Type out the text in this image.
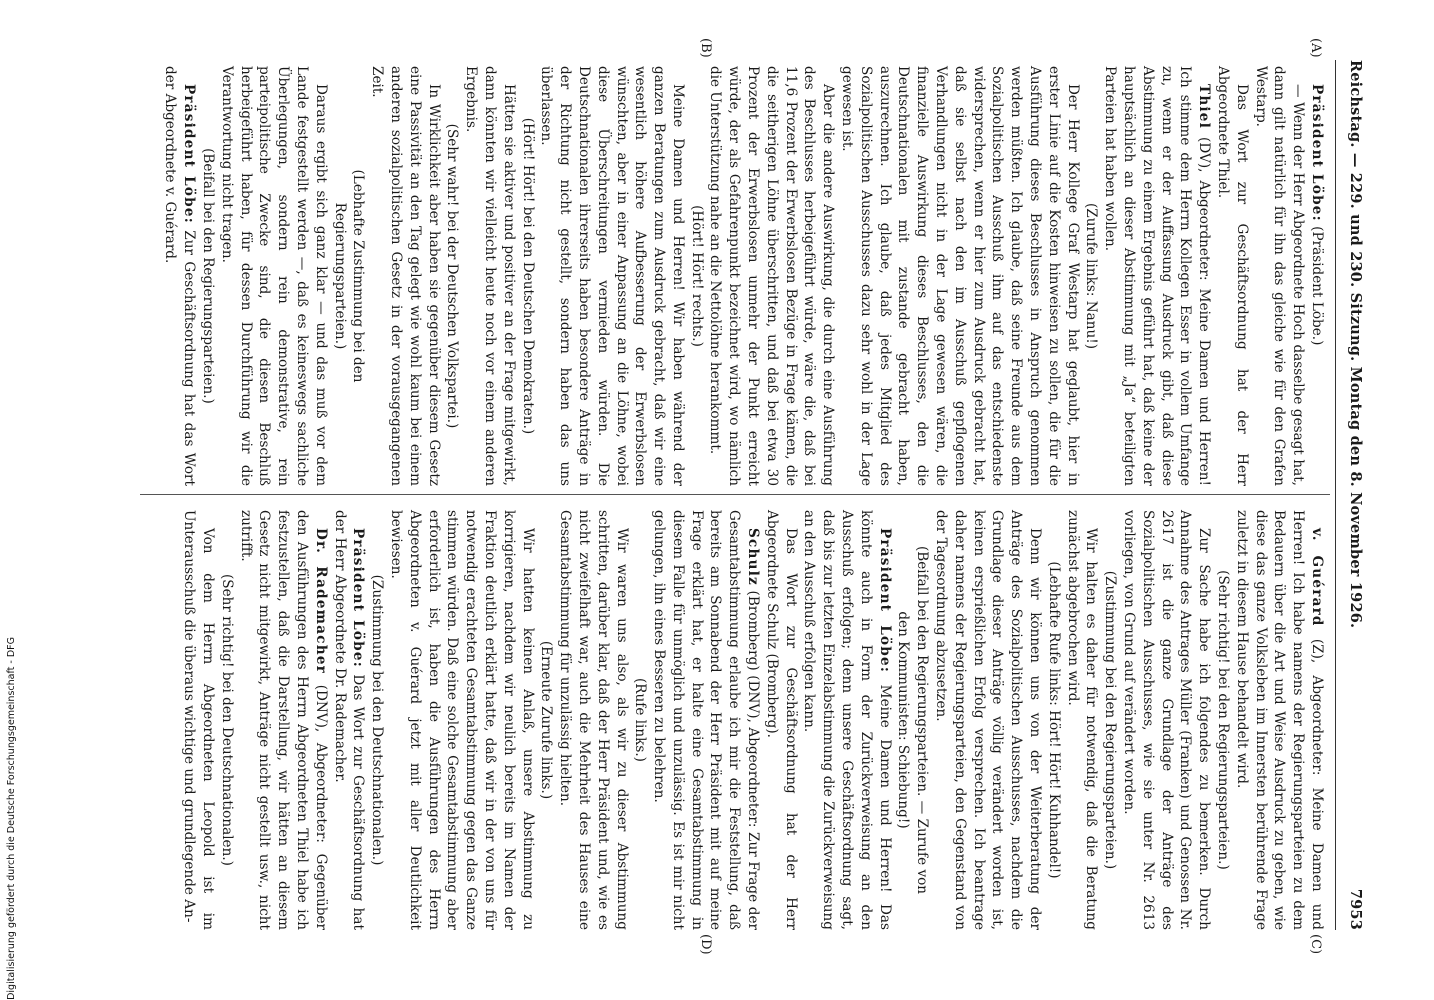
Reichstag. — 229. und 230. Sitzung. Montag den 8. November 1926.
7953
(A)
(B)
(C)
(D)

Präsident Löbe: (Präsident Löbe.)

— Wenn der Herr Abgeordnete Hoch dasselbe gesagt hat, dann gilt natürlich für ihn das gleiche wie für den Grafen Westarp.

Das Wort zur Geschäftsordnung hat der Herr Abgeordnete Thiel.

Thiel (DV), Abgeordneter: Meine Damen und Herren! Ich stimme dem Herrn Kollegen Esser in vollem Umfange zu, wenn er der Auffassung Ausdruck gibt, daß diese Abstimmung zu einem Ergebnis geführt hat, daß keine der hauptsächlich an dieser Abstimmung mit „Ja“ beteiligten Parteien hat haben wollen.

(Zurufe links: Nanu!)

Der Herr Kollege Graf Westarp hat geglaubt, hier in erster Linie auf die Kosten hinweisen zu sollen, die für die Ausführung dieses Beschlusses in Anspruch genommen werden müßten. Ich glaube, daß seine Freunde aus dem Sozialpolitischen Ausschuß ihm auf das entschiedenste widersprechen, wenn er hier zum Ausdruck gebracht hat, daß sie selbst nach den im Ausschuß gepflogenen Verhandlungen nicht in der Lage gewesen wären, die finanzielle Auswirkung dieses Beschlusses, den die Deutschnationalen mit zustande gebracht haben, auszurechnen. Ich glaube, daß jedes Mitglied des Sozialpolitischen Ausschusses dazu sehr wohl in der Lage gewesen ist.

Aber die andere Auswirkung, die durch eine Ausführung des Beschlusses herbeigeführt würde, wäre die, daß bei 11,6 Prozent der Erwerbslosen Bezüge in Frage kämen, die die seitherigen Löhne überschritten, und daß bei etwa 30 Prozent der Erwerbslosen unmehr der Punkt erreicht würde, der als Gefahrenpunkt bezeichnet wird, wo nämlich die Unterstützung nahe an die Nettolöhne herankommt.

(Hört! Hört! rechts.)

Meine Damen und Herren! Wir haben während der ganzen Beratungen zum Ausdruck gebracht, daß wir eine wesentlich höhere Aufbesserung der Erwerbslosen wünschten, aber in einer Anpassung an die Löhne, wobei diese Überschreitungen vermieden würden. Die Deutschnationalen ihrerseits haben besondere Anträge in der Richtung nicht gestellt, sondern haben das uns überlassen.

(Hört! Hört! bei den Deutschen Demokraten.)

Hätten sie aktiver und positiver an der Frage mitgewirkt, dann könnten wir vielleicht heute noch vor einem anderen Ergebnis.

(Sehr wahr! bei der Deutschen Volkspartei.)

In Wirklichkeit aber haben sie gegenüber diesem Gesetz eine Passivität an den Tag gelegt wie wohl kaum bei einem anderen sozialpolitischen Gesetz in der vorausgegangenen Zeit.

(Lebhafte Zustimmung bei den Regierungsparteien.)

Daraus ergibt sich ganz klar — und das muß vor dem Lande festgestellt werden —, daß es keineswegs sachliche Überlegungen, sondern rein demonstrative, rein parteipolitische Zwecke sind, die diesen Beschluß herbeigeführt haben, für dessen Durchführung wir die Verantwortung nicht tragen.

(Beifall bei den Regierungsparteien.)

Präsident Löbe: Zur Geschäftsordnung hat das Wort der Abgeordnete v. Guérard.

v. Guérard (Z), Abgeordneter: Meine Damen und Herren! Ich habe namens der Regierungsparteien zu dem Bedauern über die Art und Weise Ausdruck zu geben, wie diese das ganze Volksleben im Innersten berührende Frage zuletzt in diesem Hause behandelt wird.

(Sehr richtig! bei den Regierungsparteien.)

Zur Sache habe ich folgendes zu bemerken. Durch Annahme des Antrages Müller (Franken) und Genossen Nr. 2617 ist die ganze Grundlage der Anträge des Sozialpolitischen Ausschusses, wie sie unter Nr. 2613 vorliegen, von Grund auf verändert worden.

(Zustimmung bei den Regierungsparteien.)

Wir halten es daher für notwendig, daß die Beratung zunächst abgebrochen wird.

(Lebhafte Rufe links: Hört! Hört! Kuhhandel!)

Denn wir können uns von der Weiterberatung der Anträge des Sozialpolitischen Ausschusses, nachdem die Grundlage dieser Anträge völlig verändert worden ist, keinen ersprießlichen Erfolg versprechen. Ich beantrage daher namens der Regierungsparteien, den Gegenstand von der Tagesordnung abzusetzen.

(Beifall bei den Regierungsparteien. — Zurufe von den Kommunisten: Schiebung!)

Präsident Löbe: Meine Damen und Herren! Das könnte auch in Form der Zurückverweisung an den Ausschuß erfolgen; denn unsere Geschäftsordnung sagt, daß bis zur letzten Einzelabstimmung die Zurückverweisung an den Ausschuß erfolgen kann.

Das Wort zur Geschäftsordnung hat der Herr Abgeordnete Schulz (Bromberg).

Schulz (Bromberg) (DNV), Abgeordneter: Zur Frage der Gesamtabstimmung erlaube ich mir die Feststellung, daß bereits am Sonnabend der Herr Präsident mit auf meine Frage erklärt hat, er halte eine Gesamtabstimmung in diesem Falle für unmöglich und unzulässig. Es ist mir nicht gelungen, ihn eines Besseren zu belehren.

(Rufe links.)

Wir waren uns also, als wir zu dieser Abstimmung schritten, darüber klar, daß der Herr Präsident und, wie es nicht zweifelhaft war, auch die Mehrheit des Hauses eine Gesamtabstimmung für unzulässig hielten.

(Erneute Zurufe links.)

Wir hatten keinen Anlaß, unsere Abstimmung zu korrigieren, nachdem wir neulich bereits im Namen der Fraktion deutlich erklärt hatte, daß wir in der von uns für notwendig erachteten Gesamtabstimmung gegen das Ganze stimmen würden. Daß eine solche Gesamtabstimmung aber erforderlich ist, haben die Ausführungen des Herrn Abgeordneten v. Guérard jetzt mit aller Deutlichkeit bewiesen.

(Zustimmung bei den Deutschnationalen.)

Präsident Löbe: Das Wort zur Geschäftsordnung hat der Herr Abgeordnete Dr. Rademacher.

Dr. Rademacher (DNV), Abgeordneter: Gegenüber den Ausführungen des Herrn Abgeordneten Thiel habe ich festzustellen, daß die Darstellung, wir hätten an diesem Gesetz nicht mitgewirkt, Anträge nicht gestellt usw., nicht zutrifft.

(Sehr richtig! bei den Deutschnationalen.)

Von dem Herrn Abgeordneten Leopold ist im Unterausschuß die überaus wichtige und grundlegende An-

Digitalisierung gefördert durch die Deutsche Forschungsgemeinschaft - DFG
